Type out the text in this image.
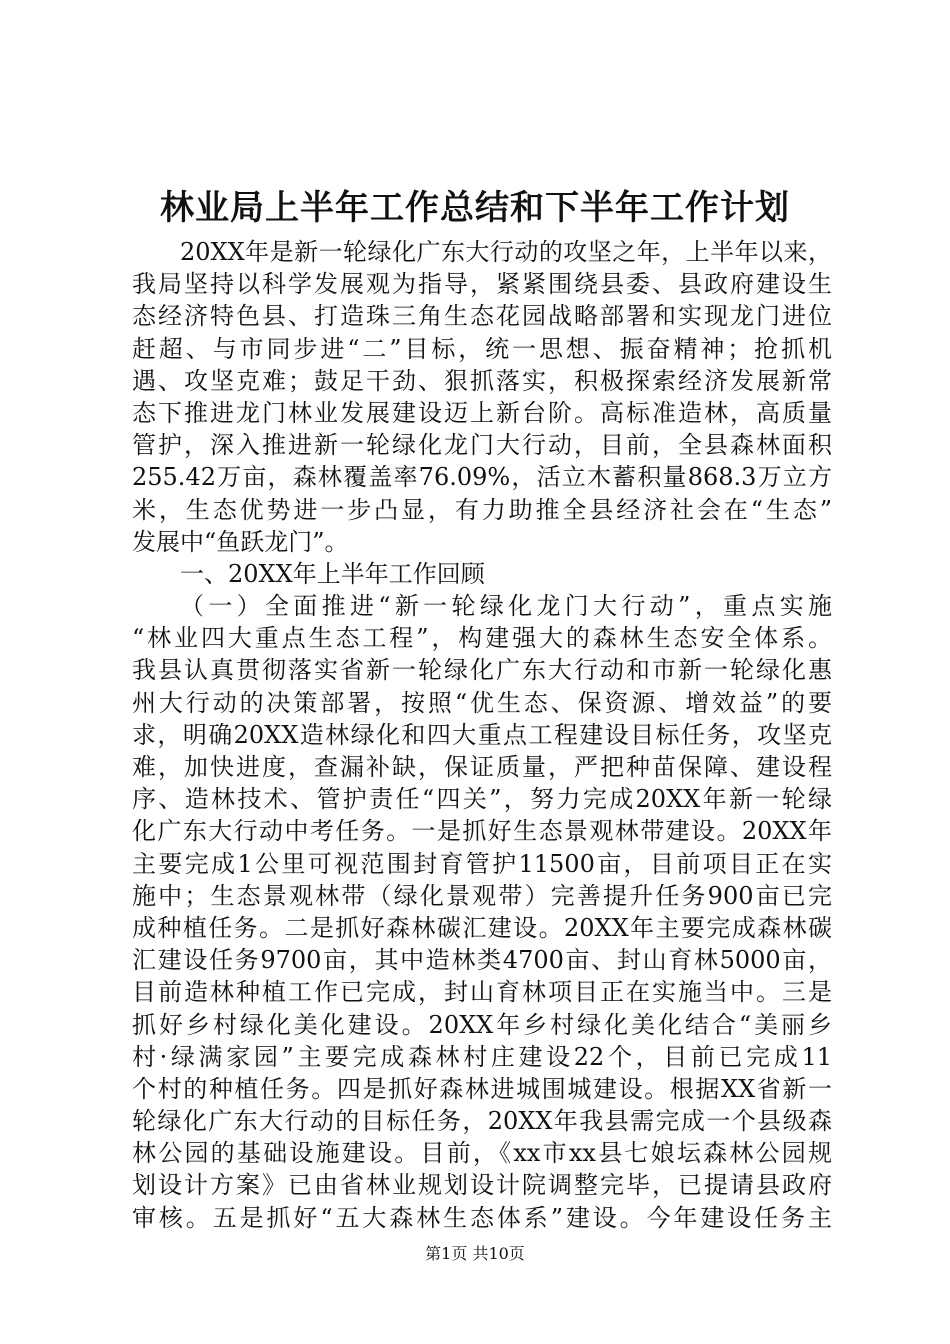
林业局上半年工作总结和下半年工作计划
20XX年是新一轮绿化广东大行动的攻坚之年，上半年以来，
我局坚持以科学发展观为指导，紧紧围绕县委、县政府建设生
态经济特色县、打造珠三角生态花园战略部署和实现龙门进位
赶超、与市同步进“二”目标，统一思想、振奋精神；抢抓机
遇、攻坚克难；鼓足干劲、狠抓落实，积极探索经济发展新常
态下推进龙门林业发展建设迈上新台阶。高标准造林，高质量
管护，深入推进新一轮绿化龙门大行动，目前，全县森林面积
255.42万亩，森林覆盖率76.09%，活立木蓄积量868.3万立方
米，生态优势进一步凸显，有力助推全县经济社会在“生态”
发展中“鱼跃龙门”。
一、20XX年上半年工作回顾
（一）全面推进“新一轮绿化龙门大行动”，重点实施
“林业四大重点生态工程”，构建强大的森林生态安全体系。
我县认真贯彻落实省新一轮绿化广东大行动和市新一轮绿化惠
州大行动的决策部署，按照“优生态、保资源、增效益”的要
求，明确20XX造林绿化和四大重点工程建设目标任务，攻坚克
难，加快进度，查漏补缺，保证质量，严把种苗保障、建设程
序、造林技术、管护责任“四关”，努力完成20XX年新一轮绿
化广东大行动中考任务。一是抓好生态景观林带建设。20XX年
主要完成1公里可视范围封育管护11500亩，目前项目正在实
施中；生态景观林带（绿化景观带）完善提升任务900亩已完
成种植任务。二是抓好森林碳汇建设。20XX年主要完成森林碳
汇建设任务9700亩，其中造林类4700亩、封山育林5000亩，
目前造林种植工作已完成，封山育林项目正在实施当中。三是
抓好乡村绿化美化建设。20XX年乡村绿化美化结合“美丽乡
村·绿满家园”主要完成森林村庄建设22个，目前已完成11
个村的种植任务。四是抓好森林进城围城建设。根据XX省新一
轮绿化广东大行动的目标任务，20XX年我县需完成一个县级森
林公园的基础设施建设。目前，《xx市xx县七娘坛森林公园规
划设计方案》已由省林业规划设计院调整完毕，已提请县政府
审核。五是抓好“五大森林生态体系”建设。今年建设任务主
第1页 共10页
